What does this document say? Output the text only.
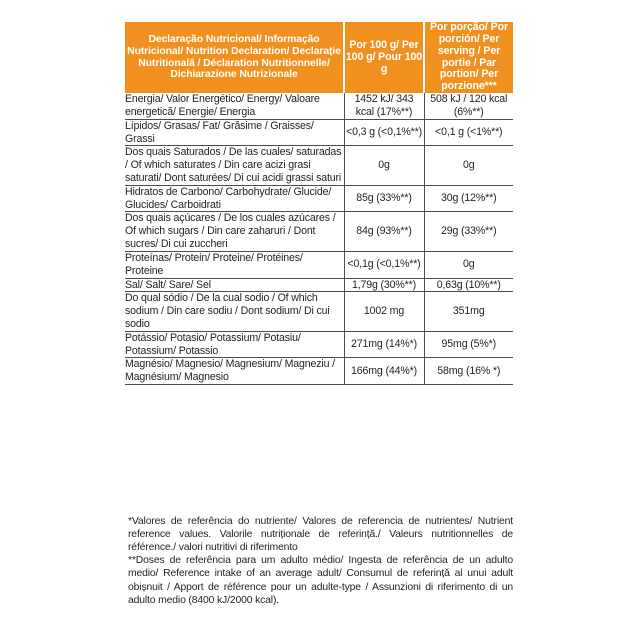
Declaração Nutricional/ Informação Nutricional/ Nutrition Declaration/ Declarație Nutritională / Déclaration Nutritionnelle/ Dichiarazione Nutrizionale	Por 100 g/ Per 100 g/ Pour 100 g	Por porção/ Por porción/ Per serving / Per portie / Par portion/ Per porzione***

Energia/ Valor Energético/ Energy/ Valoare energetică/ Energie/ Energia	1452 kJ/ 343 kcal (17%**)	508 kJ / 120 kcal (6%**)
Lípidos/ Grasas/ Fat/ Grăsime / Graisses/ Grassi	<0,3 g (<0,1%**)	<0,1 g (<1%**)
Dos quais Saturados / De las cuales/ saturadas / Of which saturates / Din care acizi grasi saturati/ Dont saturées/ Di cui acidi grassi saturi	0g	0g
Hidratos de Carbono/ Carbohydrate/ Glucide/ Glucides/ Carboidrati	85g (33%**)	30g (12%**)
Dos quais açúcares / De los cuales azúcares / Of which sugars / Din care zaharuri / Dont sucres/ Di cui zuccheri	84g (93%**)	29g (33%**)
Proteínas/ Protein/ Proteine/ Protéines/ Proteine	<0,1g (<0,1%**)	0g
Sal/ Salt/ Sare/ Sel	1,79g (30%**)	0,63g (10%**)
Do qual sódio / De la cual sodio / Of which sodium / Din care sodiu / Dont sodium/ Di cui sodio	1002 mg	351mg
Potássio/ Potasio/ Potassium/ Potasiu/ Potassium/ Potassio	271mg (14%*)	95mg (5%*)
Magnésio/ Magnesio/ Magnesium/ Magneziu / Magnésium/ Magnesio	166mg (44%*)	58mg (16% *)

*Valores de referência do nutriente/ Valores de referencia de nutrientes/ Nutrient reference values. Valorile nutriționale de referință./ Valeurs nutritionnelles de référence./ valori nutritivi di riferimento

**Doses de referência para um adulto médio/ Ingesta de referência de un adulto medio/ Reference intake of an average adult/ Consumul de referință al unui adult obișnuit / Apport de référence pour un adulte-type / Assunzioni di riferimento di un adulto medio (8400 kJ/2000 kcal).
